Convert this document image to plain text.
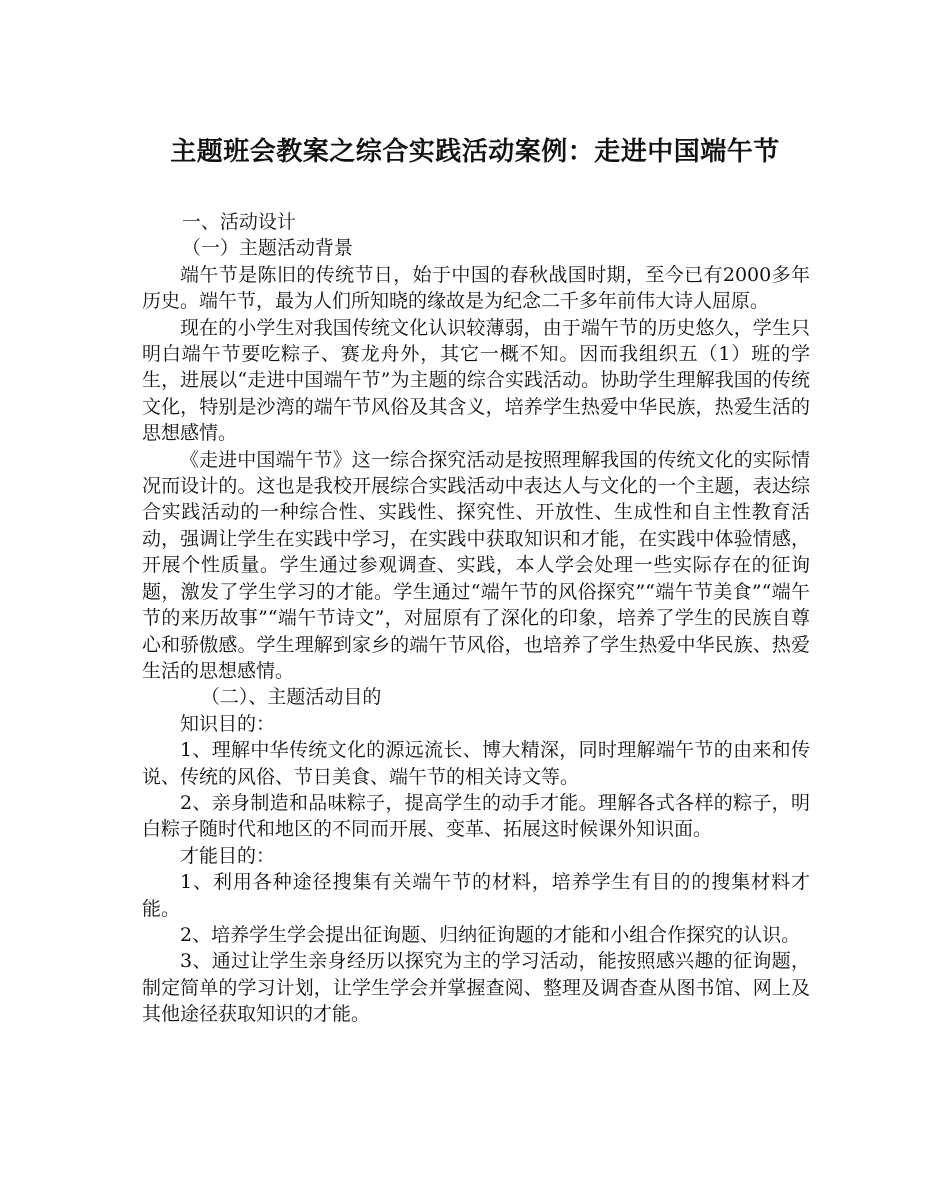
主题班会教案之综合实践活动案例：走进中国端午节

一、活动设计

（一）主题活动背景

端午节是陈旧的传统节日，始于中国的春秋战国时期，至今已有2000多年历史。端午节，最为人们所知晓的缘故是为纪念二千多年前伟大诗人屈原。

现在的小学生对我国传统文化认识较薄弱，由于端午节的历史悠久，学生只明白端午节要吃粽子、赛龙舟外，其它一概不知。因而我组织五（1）班的学生，进展以“走进中国端午节”为主题的综合实践活动。协助学生理解我国的传统文化，特别是沙湾的端午节风俗及其含义，培养学生热爱中华民族，热爱生活的思想感情。

《走进中国端午节》这一综合探究活动是按照理解我国的传统文化的实际情况而设计的。这也是我校开展综合实践活动中表达人与文化的一个主题，表达综合实践活动的一种综合性、实践性、探究性、开放性、生成性和自主性教育活动，强调让学生在实践中学习，在实践中获取知识和才能，在实践中体验情感，开展个性质量。学生通过参观调查、实践，本人学会处理一些实际存在的征询题，激发了学生学习的才能。学生通过“端午节的风俗探究”“端午节美食”“端午节的来历故事”“端午节诗文”，对屈原有了深化的印象，培养了学生的民族自尊心和骄傲感。学生理解到家乡的端午节风俗，也培养了学生热爱中华民族、热爱生活的思想感情。

（二）、主题活动目的

知识目的：

1、理解中华传统文化的源远流长、博大精深，同时理解端午节的由来和传说、传统的风俗、节日美食、端午节的相关诗文等。

2、亲身制造和品味粽子，提高学生的动手才能。理解各式各样的粽子，明白粽子随时代和地区的不同而开展、变革、拓展这时候课外知识面。

才能目的：

1、利用各种途径搜集有关端午节的材料，培养学生有目的的搜集材料才能。

2、培养学生学会提出征询题、归纳征询题的才能和小组合作探究的认识。

3、通过让学生亲身经历以探究为主的学习活动，能按照感兴趣的征询题，制定简单的学习计划，让学生学会并掌握查阅、整理及调杳查从图书馆、网上及其他途径获取知识的才能。
